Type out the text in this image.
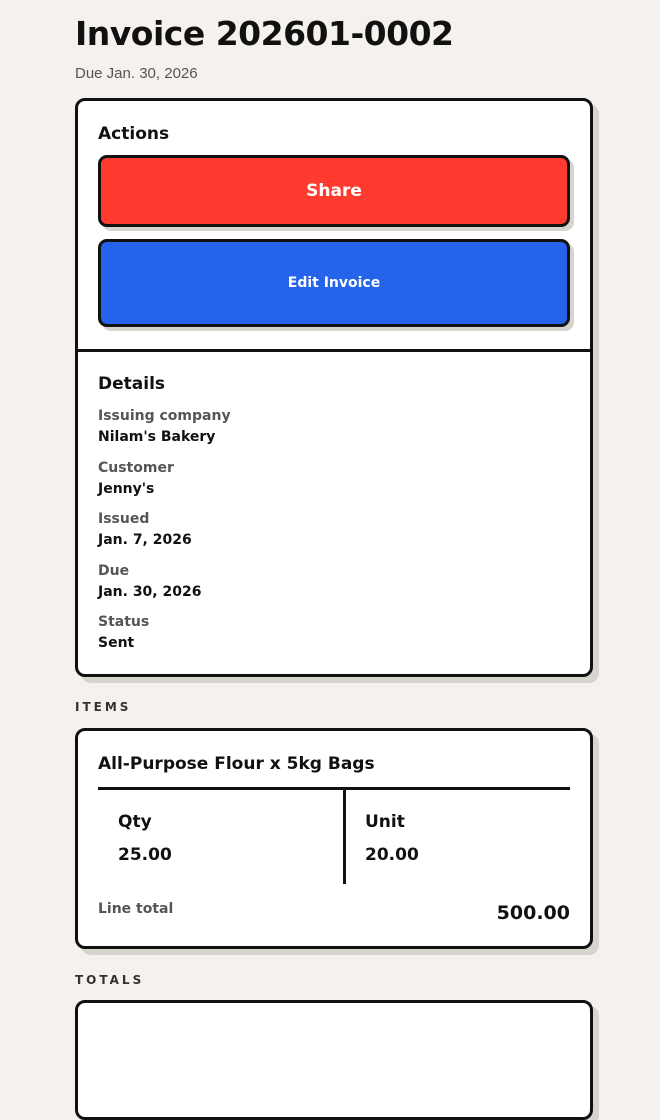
Invoice 202601-0002
Due Jan. 30, 2026
Actions
Share
Edit Invoice
Details
Issuing company
Nilam's Bakery
Customer
Jenny's
Issued
Jan. 7, 2026
Due
Jan. 30, 2026
Status
Sent
ITEMS
All-Purpose Flour x 5kg Bags
Qty
25.00
Unit
20.00
Line total	500.00
TOTALS
